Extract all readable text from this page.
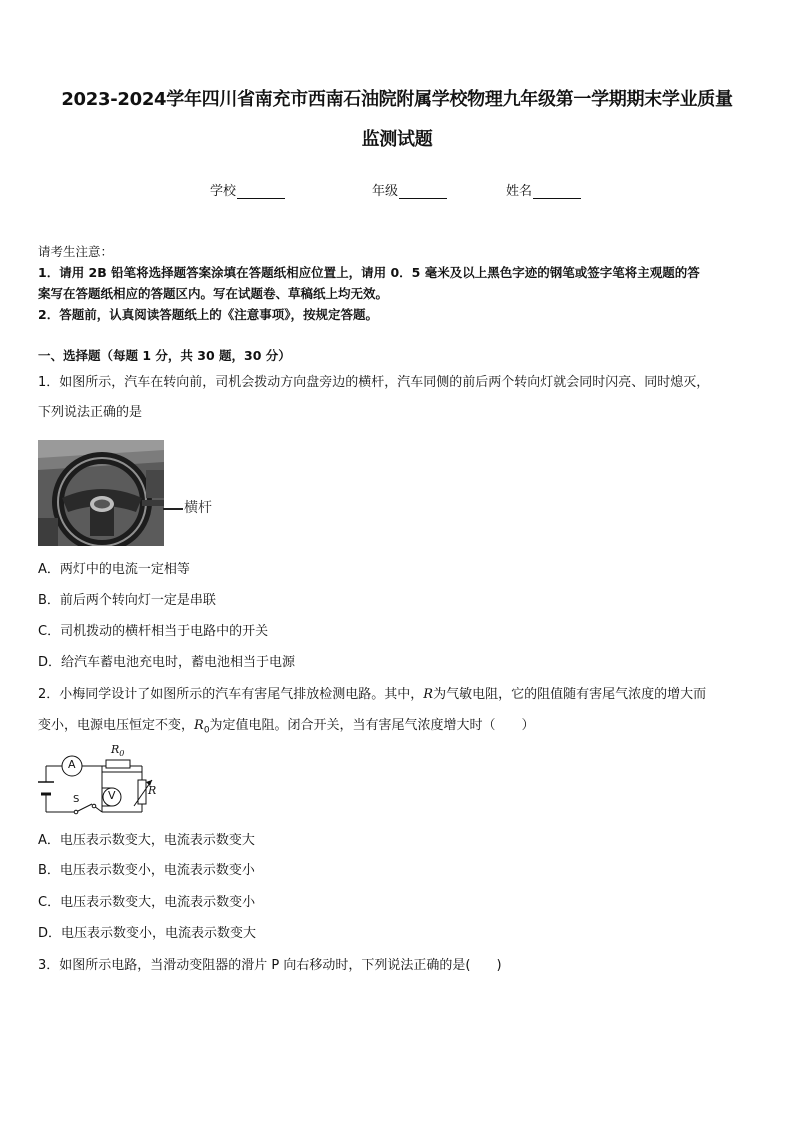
2023-2024学年四川省南充市西南石油院附属学校物理九年级第一学期期末学业质量
监测试题
学校	年级	姓名
请考生注意：
1．请用 2B 铅笔将选择题答案涂填在答题纸相应位置上，请用 0．5 毫米及以上黑色字迹的钢笔或签字笔将主观题的答
案写在答题纸相应的答题区内。写在试题卷、草稿纸上均无效。
2．答题前，认真阅读答题纸上的《注意事项》，按规定答题。
一、选择题（每题 1 分，共 30 题，30 分）
1．如图所示，汽车在转向前，司机会拨动方向盘旁边的横杆，汽车同侧的前后两个转向灯就会同时闪亮、同时熄灭，
下列说法正确的是
横杆
A．两灯中的电流一定相等
B．前后两个转向灯一定是串联
C．司机拨动的横杆相当于电路中的开关
D．给汽车蓄电池充电时，蓄电池相当于电源
2．小梅同学设计了如图所示的汽车有害尾气排放检测电路。其中，R为气敏电阻，它的阻值随有害尾气浓度的增大而
变小，电源电压恒定不变，$R_0$为定值电阻。闭合开关，当有害尾气浓度增大时（　　）
A
V
$R_0$
R
S
A．电压表示数变大，电流表示数变大
B．电压表示数变小，电流表示数变小
C．电压表示数变大，电流表示数变小
D．电压表示数变小，电流表示数变大
3．如图所示电路，当滑动变阻器的滑片 P 向右移动时，下列说法正确的是(　　)
